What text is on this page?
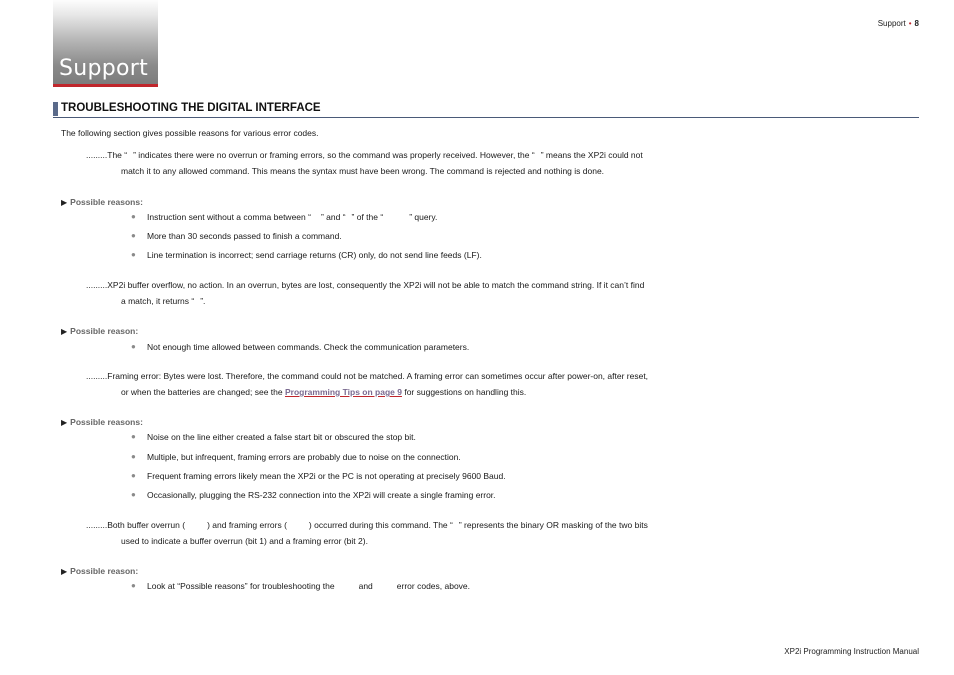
Support
Support • 8
TROUBLESHOOTING THE DIGITAL INTERFACE
The following section gives possible reasons for various error codes.
.........The “ ” indicates there were no overrun or framing errors, so the command was properly received. However, the “ ” means the XP2i could not
match it to any allowed command. This means the syntax must have been wrong. The command is rejected and nothing is done.
▶ Possible reasons:
● Instruction sent without a comma between “ ” and “ ” of the “	” query.
● More than 30 seconds passed to finish a command.
● Line termination is incorrect; send carriage returns (CR) only, do not send line feeds (LF).
.........XP2i buffer overflow, no action. In an overrun, bytes are lost, consequently the XP2i will not be able to match the command string. If it can’t find
a match, it returns “ ”.
▶ Possible reason:
● Not enough time allowed between commands. Check the communication parameters.
.........Framing error: Bytes were lost. Therefore, the command could not be matched. A framing error can sometimes occur after power-on, after reset,
or when the batteries are changed; see the Programming Tips on page 9 for suggestions on handling this.
▶ Possible reasons:
● Noise on the line either created a false start bit or obscured the stop bit.
● Multiple, but infrequent, framing errors are probably due to noise on the connection.
● Frequent framing errors likely mean the XP2i or the PC is not operating at precisely 9600 Baud.
● Occasionally, plugging the RS-232 connection into the XP2i will create a single framing error.
.........Both buffer overrun (	) and framing errors (	) occurred during this command. The “ ” represents the binary OR masking of the two bits
used to indicate a buffer overrun (bit 1) and a framing error (bit 2).
▶ Possible reason:
● Look at “Possible reasons” for troubleshooting the	and	error codes, above.
XP2i Programming Instruction Manual
